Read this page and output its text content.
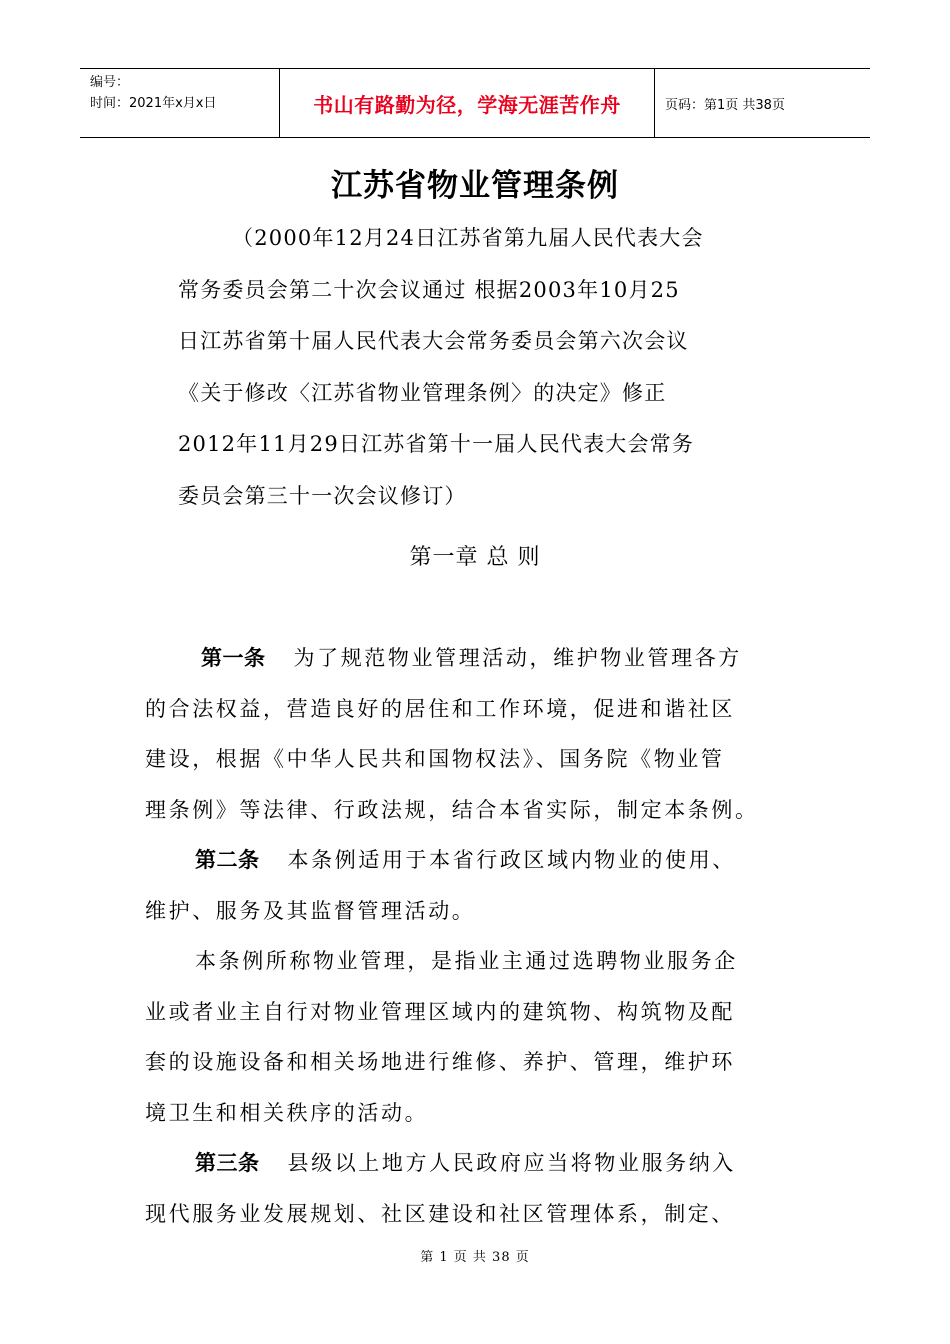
编号：
时间：2021年x月x日	书山有路勤为径，学海无涯苦作舟	页码：第1页 共38页
江苏省物业管理条例
（2000年12月24日江苏省第九届人民代表大会
常务委员会第二十次会议通过 根据2003年10月25
日江苏省第十届人民代表大会常务委员会第六次会议
《关于修改〈江苏省物业管理条例〉的决定》修正
2012年11月29日江苏省第十一届人民代表大会常务
委员会第三十一次会议修订）
第一章 总 则
第一条 为了规范物业管理活动，维护物业管理各方
的合法权益，营造良好的居住和工作环境，促进和谐社区
建设，根据《中华人民共和国物权法》、国务院《物业管
理条例》等法律、行政法规，结合本省实际，制定本条例。
第二条 本条例适用于本省行政区域内物业的使用、
维护、服务及其监督管理活动。
本条例所称物业管理，是指业主通过选聘物业服务企
业或者业主自行对物业管理区域内的建筑物、构筑物及配
套的设施设备和相关场地进行维修、养护、管理，维护环
境卫生和相关秩序的活动。
第三条 县级以上地方人民政府应当将物业服务纳入
现代服务业发展规划、社区建设和社区管理体系，制定、
第 1 页 共 38 页
